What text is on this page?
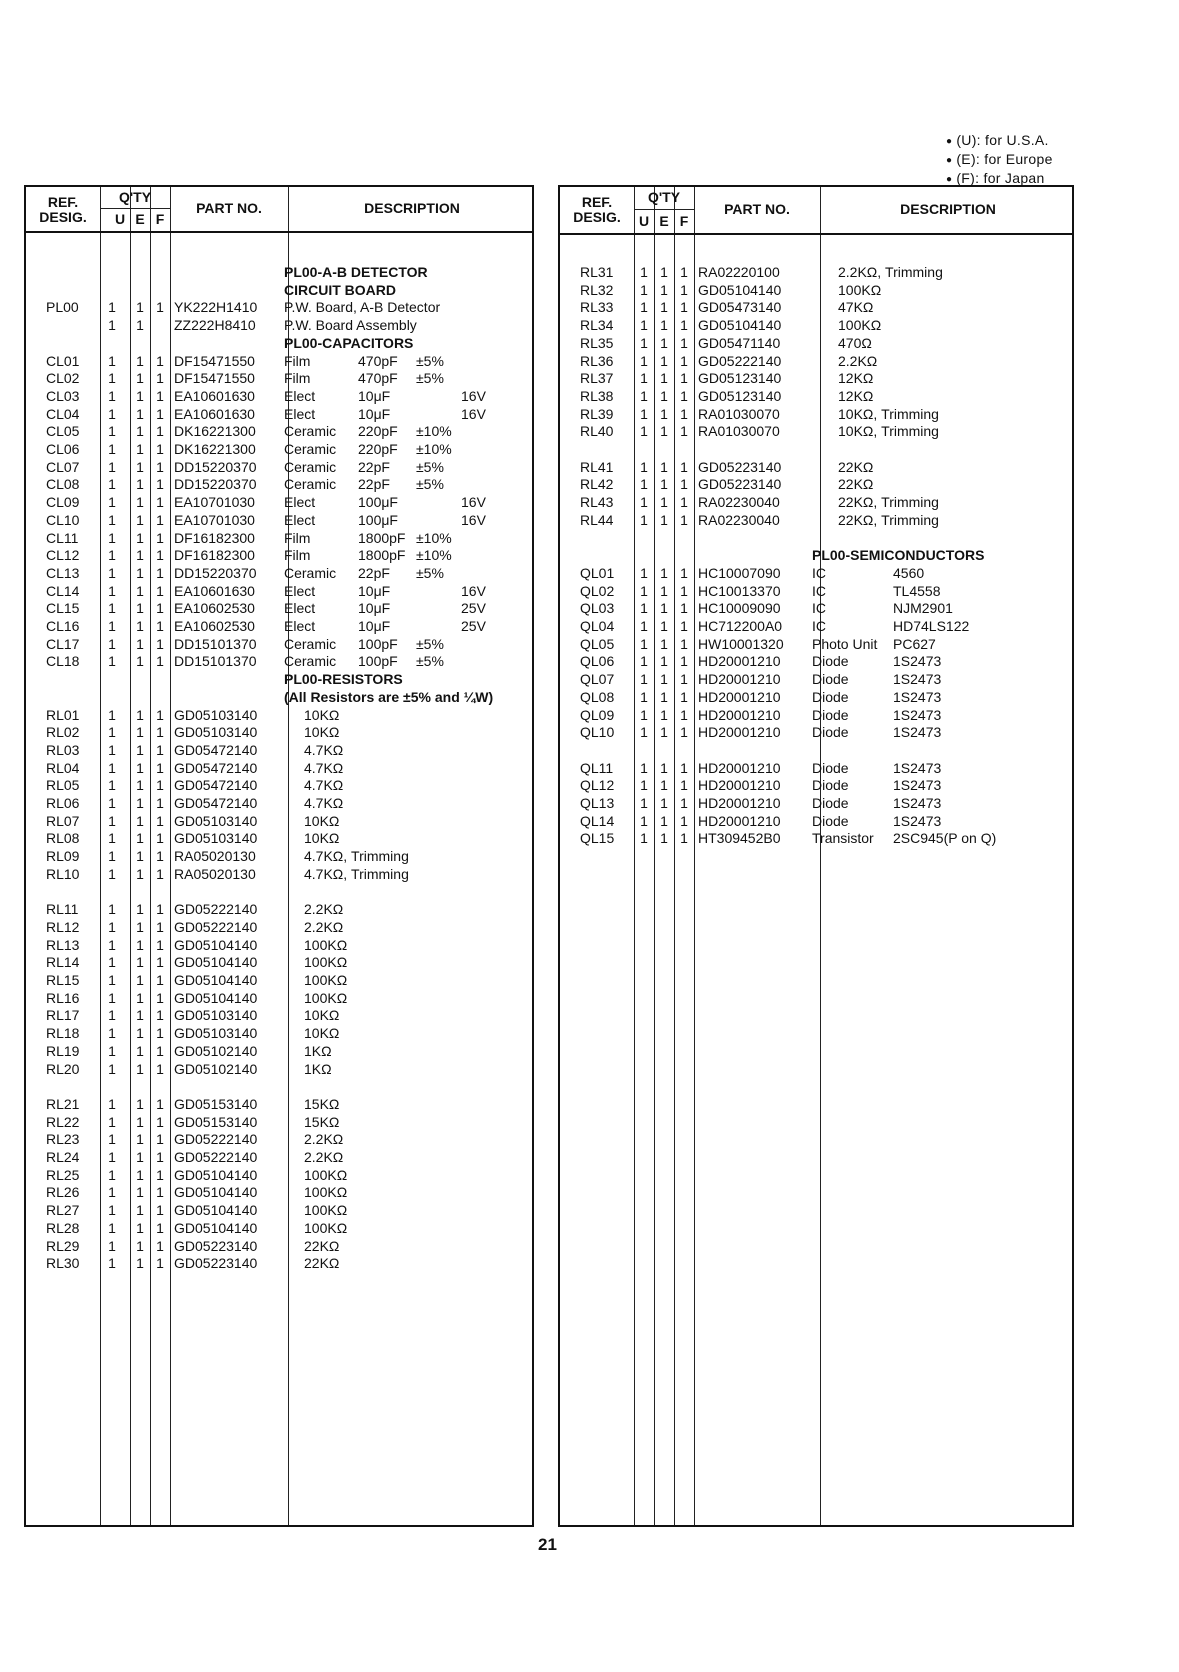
● (U): for U.S.A.
● (E): for Europe
● (F): for Japan
REF.
DESIG.
Q'TY
U E F
PART NO.	DESCRIPTION
PL00-A-B DETECTOR
CIRCUIT BOARD
PL00	1	1 1 YK222H1410 P.W. Board, A-B Detector
1	1	ZZ222H8410 P.W. Board Assembly
PL00-CAPACITORS
CL01	1	1 1 DF15471550 Film	470pF ±5%
CL02	1	1 1 DF15471550 Film	470pF ±5%
CL03	1	1 1 EA10601630 Elect	10μF	16V
CL04	1	1 1 EA10601630 Elect	10μF	16V
CL05	1	1 1 DK16221300 Ceramic 220pF ±10%
CL06	1	1 1 DK16221300 Ceramic 220pF ±10%
CL07	1	1 1 DD15220370 Ceramic 22pF ±5%
CL08	1	1 1 DD15220370 Ceramic 22pF ±5%
CL09	1	1 1 EA10701030 Elect	100μF	16V
CL10	1	1 1 EA10701030 Elect	100μF	16V
CL11	1	1 1 DF16182300 Film	1800pF ±10%
CL12	1	1 1 DF16182300 Film	1800pF ±10%
CL13	1	1 1 DD15220370 Ceramic 22pF ±5%
CL14	1	1 1 EA10601630 Elect	10μF	16V
CL15	1	1 1 EA10602530 Elect	10μF	25V
CL16	1	1 1 EA10602530 Elect	10μF	25V
CL17	1	1 1 DD15101370 Ceramic 100pF ±5%
CL18	1	1 1 DD15101370 Ceramic 100pF ±5%
PL00-RESISTORS
(All Resistors are ±5% and ¼W)
RL01	1	1 1 GD05103140	10KΩ
RL02	1	1 1 GD05103140	10KΩ
RL03	1	1 1 GD05472140	4.7KΩ
RL04	1	1 1 GD05472140	4.7KΩ
RL05	1	1 1 GD05472140	4.7KΩ
RL06	1	1 1 GD05472140	4.7KΩ
RL07	1	1 1 GD05103140	10KΩ
RL08	1	1 1 GD05103140	10KΩ
RL09	1	1 1 RA05020130	4.7KΩ, Trimming
RL10	1	1 1 RA05020130	4.7KΩ, Trimming
RL11	1	1 1 GD05222140	2.2KΩ
RL12	1	1 1 GD05222140	2.2KΩ
RL13	1	1 1 GD05104140	100KΩ
RL14	1	1 1 GD05104140	100KΩ
RL15	1	1 1 GD05104140	100KΩ
RL16	1	1 1 GD05104140	100KΩ
RL17	1	1 1 GD05103140	10KΩ
RL18	1	1 1 GD05103140	10KΩ
RL19	1	1 1 GD05102140	1KΩ
RL20	1	1 1 GD05102140	1KΩ
RL21	1	1 1 GD05153140	15KΩ
RL22	1	1 1 GD05153140	15KΩ
RL23	1	1 1 GD05222140	2.2KΩ
RL24	1	1 1 GD05222140	2.2KΩ
RL25	1	1 1 GD05104140	100KΩ
RL26	1	1 1 GD05104140	100KΩ
RL27	1	1 1 GD05104140	100KΩ
RL28	1	1 1 GD05104140	100KΩ
RL29	1	1 1 GD05223140	22KΩ
RL30	1	1 1 GD05223140	22KΩ
REF.
DESIG.
Q'TY
U E F
PART NO.	DESCRIPTION
RL31	1 1 1 RA02220100	2.2KΩ, Trimming
RL32	1 1 1 GD05104140	100KΩ
RL33	1 1 1 GD05473140	47KΩ
RL34	1 1 1 GD05104140	100KΩ
RL35	1 1 1 GD05471140	470Ω
RL36	1 1 1 GD05222140	2.2KΩ
RL37	1 1 1 GD05123140	12KΩ
RL38	1 1 1 GD05123140	12KΩ
RL39	1 1 1 RA01030070	10KΩ, Trimming
RL40	1 1 1 RA01030070	10KΩ, Trimming
RL41	1 1 1 GD05223140	22KΩ
RL42	1 1 1 GD05223140	22KΩ
RL43	1 1 1 RA02230040	22KΩ, Trimming
RL44	1 1 1 RA02230040	22KΩ, Trimming
PL00-SEMICONDUCTORS
QL01	1 1 1 HC10007090 IC	4560
QL02	1 1 1 HC10013370 IC	TL4558
QL03	1 1 1 HC10009090 IC	NJM2901
QL04	1 1 1 HC712200A0 IC	HD74LS122
QL05	1 1 1 HW10001320 Photo Unit PC627
QL06	1 1 1 HD20001210 Diode	1S2473
QL07	1 1 1 HD20001210 Diode	1S2473
QL08	1 1 1 HD20001210 Diode	1S2473
QL09	1 1 1 HD20001210 Diode	1S2473
QL10	1 1 1 HD20001210 Diode	1S2473
QL11	1 1 1 HD20001210 Diode	1S2473
QL12	1 1 1 HD20001210 Diode	1S2473
QL13	1 1 1 HD20001210 Diode	1S2473
QL14	1 1 1 HD20001210 Diode	1S2473
QL15	1 1 1 HT309452B0 Transistor 2SC945(P on Q)
21
